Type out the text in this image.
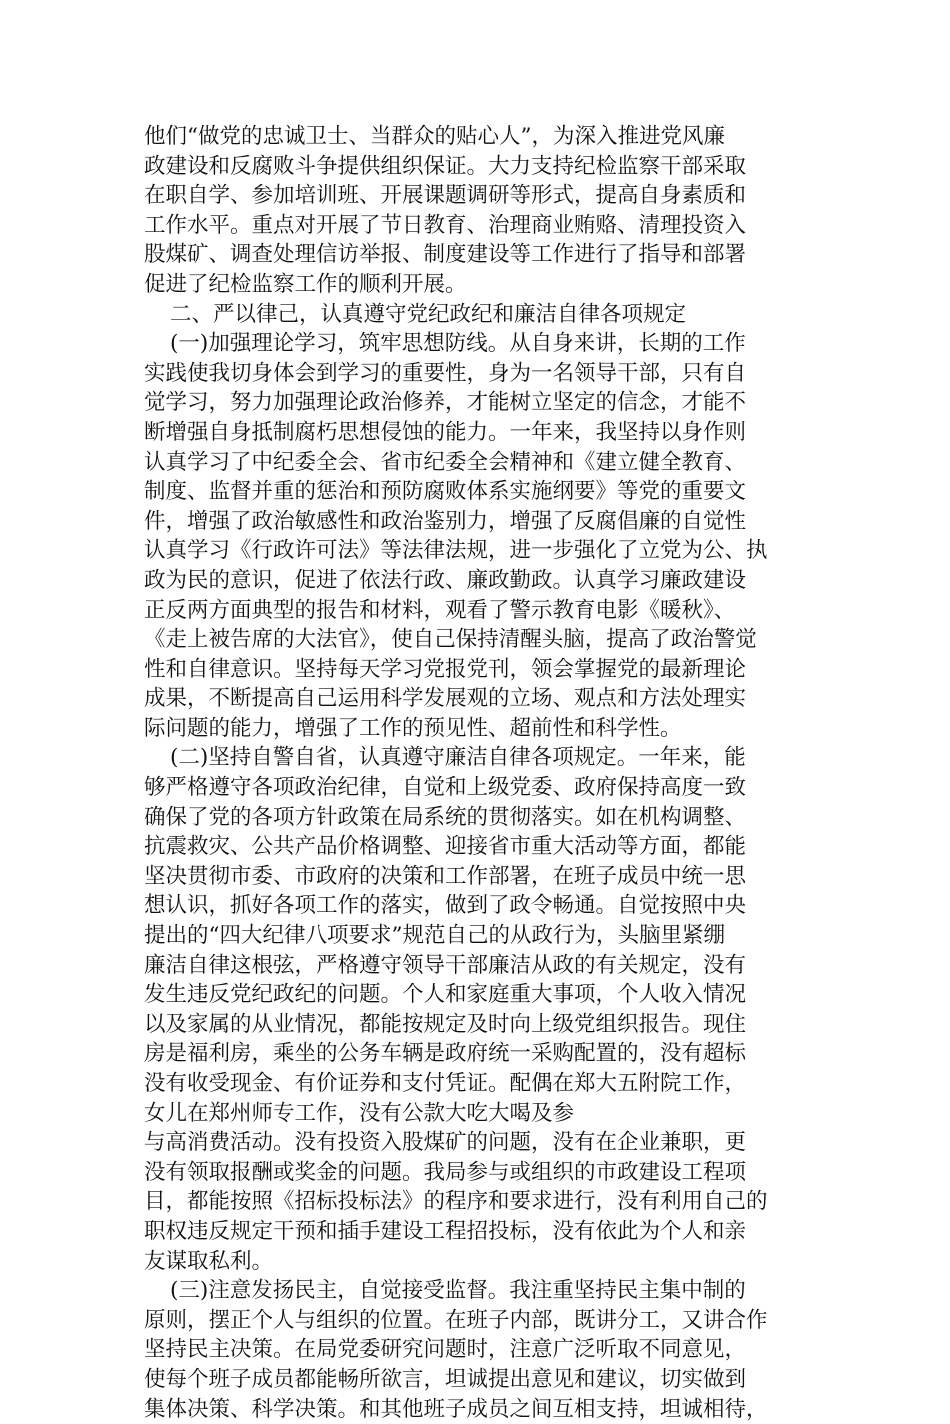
他们“做党的忠诚卫士、当群众的贴心人”，为深入推进党风廉
政建设和反腐败斗争提供组织保证。大力支持纪检监察干部采取
在职自学、参加培训班、开展课题调研等形式，提高自身素质和
工作水平。重点对开展了节日教育、治理商业贿赂、清理投资入
股煤矿、调查处理信访举报、制度建设等工作进行了指导和部署
促进了纪检监察工作的顺利开展。
二、严以律己，认真遵守党纪政纪和廉洁自律各项规定
(一)加强理论学习，筑牢思想防线。从自身来讲，长期的工作
实践使我切身体会到学习的重要性，身为一名领导干部，只有自
觉学习，努力加强理论政治修养，才能树立坚定的信念，才能不
断增强自身抵制腐朽思想侵蚀的能力。一年来，我坚持以身作则
认真学习了中纪委全会、省市纪委全会精神和《建立健全教育、
制度、监督并重的惩治和预防腐败体系实施纲要》等党的重要文
件，增强了政治敏感性和政治鉴别力，增强了反腐倡廉的自觉性
认真学习《行政许可法》等法律法规，进一步强化了立党为公、执
政为民的意识，促进了依法行政、廉政勤政。认真学习廉政建设
正反两方面典型的报告和材料，观看了警示教育电影《暖秋》、
《走上被告席的大法官》，使自己保持清醒头脑，提高了政治警觉
性和自律意识。坚持每天学习党报党刊，领会掌握党的最新理论
成果，不断提高自己运用科学发展观的立场、观点和方法处理实
际问题的能力，增强了工作的预见性、超前性和科学性。
(二)坚持自警自省，认真遵守廉洁自律各项规定。一年来，能
够严格遵守各项政治纪律，自觉和上级党委、政府保持高度一致
确保了党的各项方针政策在局系统的贯彻落实。如在机构调整、
抗震救灾、公共产品价格调整、迎接省市重大活动等方面，都能
坚决贯彻市委、市政府的决策和工作部署，在班子成员中统一思
想认识，抓好各项工作的落实，做到了政令畅通。自觉按照中央
提出的“四大纪律八项要求”规范自己的从政行为，头脑里紧绷
廉洁自律这根弦，严格遵守领导干部廉洁从政的有关规定，没有
发生违反党纪政纪的问题。个人和家庭重大事项，个人收入情况
以及家属的从业情况，都能按规定及时向上级党组织报告。现住
房是福利房，乘坐的公务车辆是政府统一采购配置的，没有超标
没有收受现金、有价证券和支付凭证。配偶在郑大五附院工作，
女儿在郑州师专工作，没有公款大吃大喝及参
与高消费活动。没有投资入股煤矿的问题，没有在企业兼职，更
没有领取报酬或奖金的问题。我局参与或组织的市政建设工程项
目，都能按照《招标投标法》的程序和要求进行，没有利用自己的
职权违反规定干预和插手建设工程招投标，没有依此为个人和亲
友谋取私利。
(三)注意发扬民主，自觉接受监督。我注重坚持民主集中制的
原则，摆正个人与组织的位置。在班子内部，既讲分工，又讲合作
坚持民主决策。在局党委研究问题时，注意广泛听取不同意见，
使每个班子成员都能畅所欲言，坦诚提出意见和建议，切实做到
集体决策、科学决策。和其他班子成员之间互相支持，坦诚相待，
